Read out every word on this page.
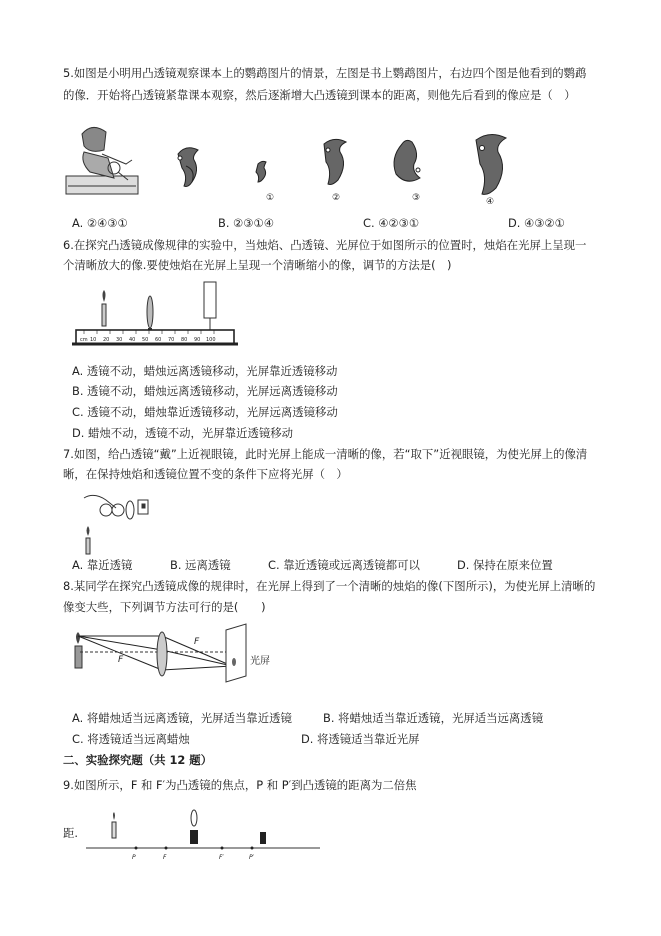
5.如图是小明用凸透镜观察课本上的鹦鹉图片的情景，左图是书上鹦鹉图片，右边四个图是他看到的鹦鹉
的像．开始将凸透镜紧靠课本观察，然后逐渐增大凸透镜到课本的距离，则他先后看到的像应是（　）
①	②	③	④
A. ②④③①	B. ②③①④	C. ④②③①	D. ④③②①
6.在探究凸透镜成像规律的实验中，当烛焰、凸透镜、光屏位于如图所示的位置时，烛焰在光屏上呈现一
个清晰放大的像.要使烛焰在光屏上呈现一个清晰缩小的像，调节的方法是(　)
cm 10 20 30 40 50 60 70 80 90 100
A. 透镜不动，蜡烛远离透镜移动，光屏靠近透镜移动
B. 透镜不动，蜡烛远离透镜移动，光屏远离透镜移动
C. 透镜不动，蜡烛靠近透镜移动，光屏远离透镜移动
D. 蜡烛不动，透镜不动，光屏靠近透镜移动
7.如图，给凸透镜“戴”上近视眼镜，此时光屏上能成一清晰的像，若“取下”近视眼镜，为使光屏上的像清
晰，在保持烛焰和透镜位置不变的条件下应将光屏（　）
A. 靠近透镜	B. 远离透镜	C. 靠近透镜或远离透镜都可以	D. 保持在原来位置
8.某同学在探究凸透镜成像的规律时，在光屏上得到了一个清晰的烛焰的像(下图所示)，为使光屏上清晰的
像变大些，下列调节方法可行的是(　　)
F
F	光屏
A. 将蜡烛适当远离透镜，光屏适当靠近透镜	B. 将蜡烛适当靠近透镜，光屏适当远离透镜
C. 将透镜适当远离蜡烛	D. 将透镜适当靠近光屏
二、实验探究题（共 12 题）
9.如图所示，F 和 F′为凸透镜的焦点，P 和 P′到凸透镜的距离为二倍焦
距.
P	F	F′	P′
